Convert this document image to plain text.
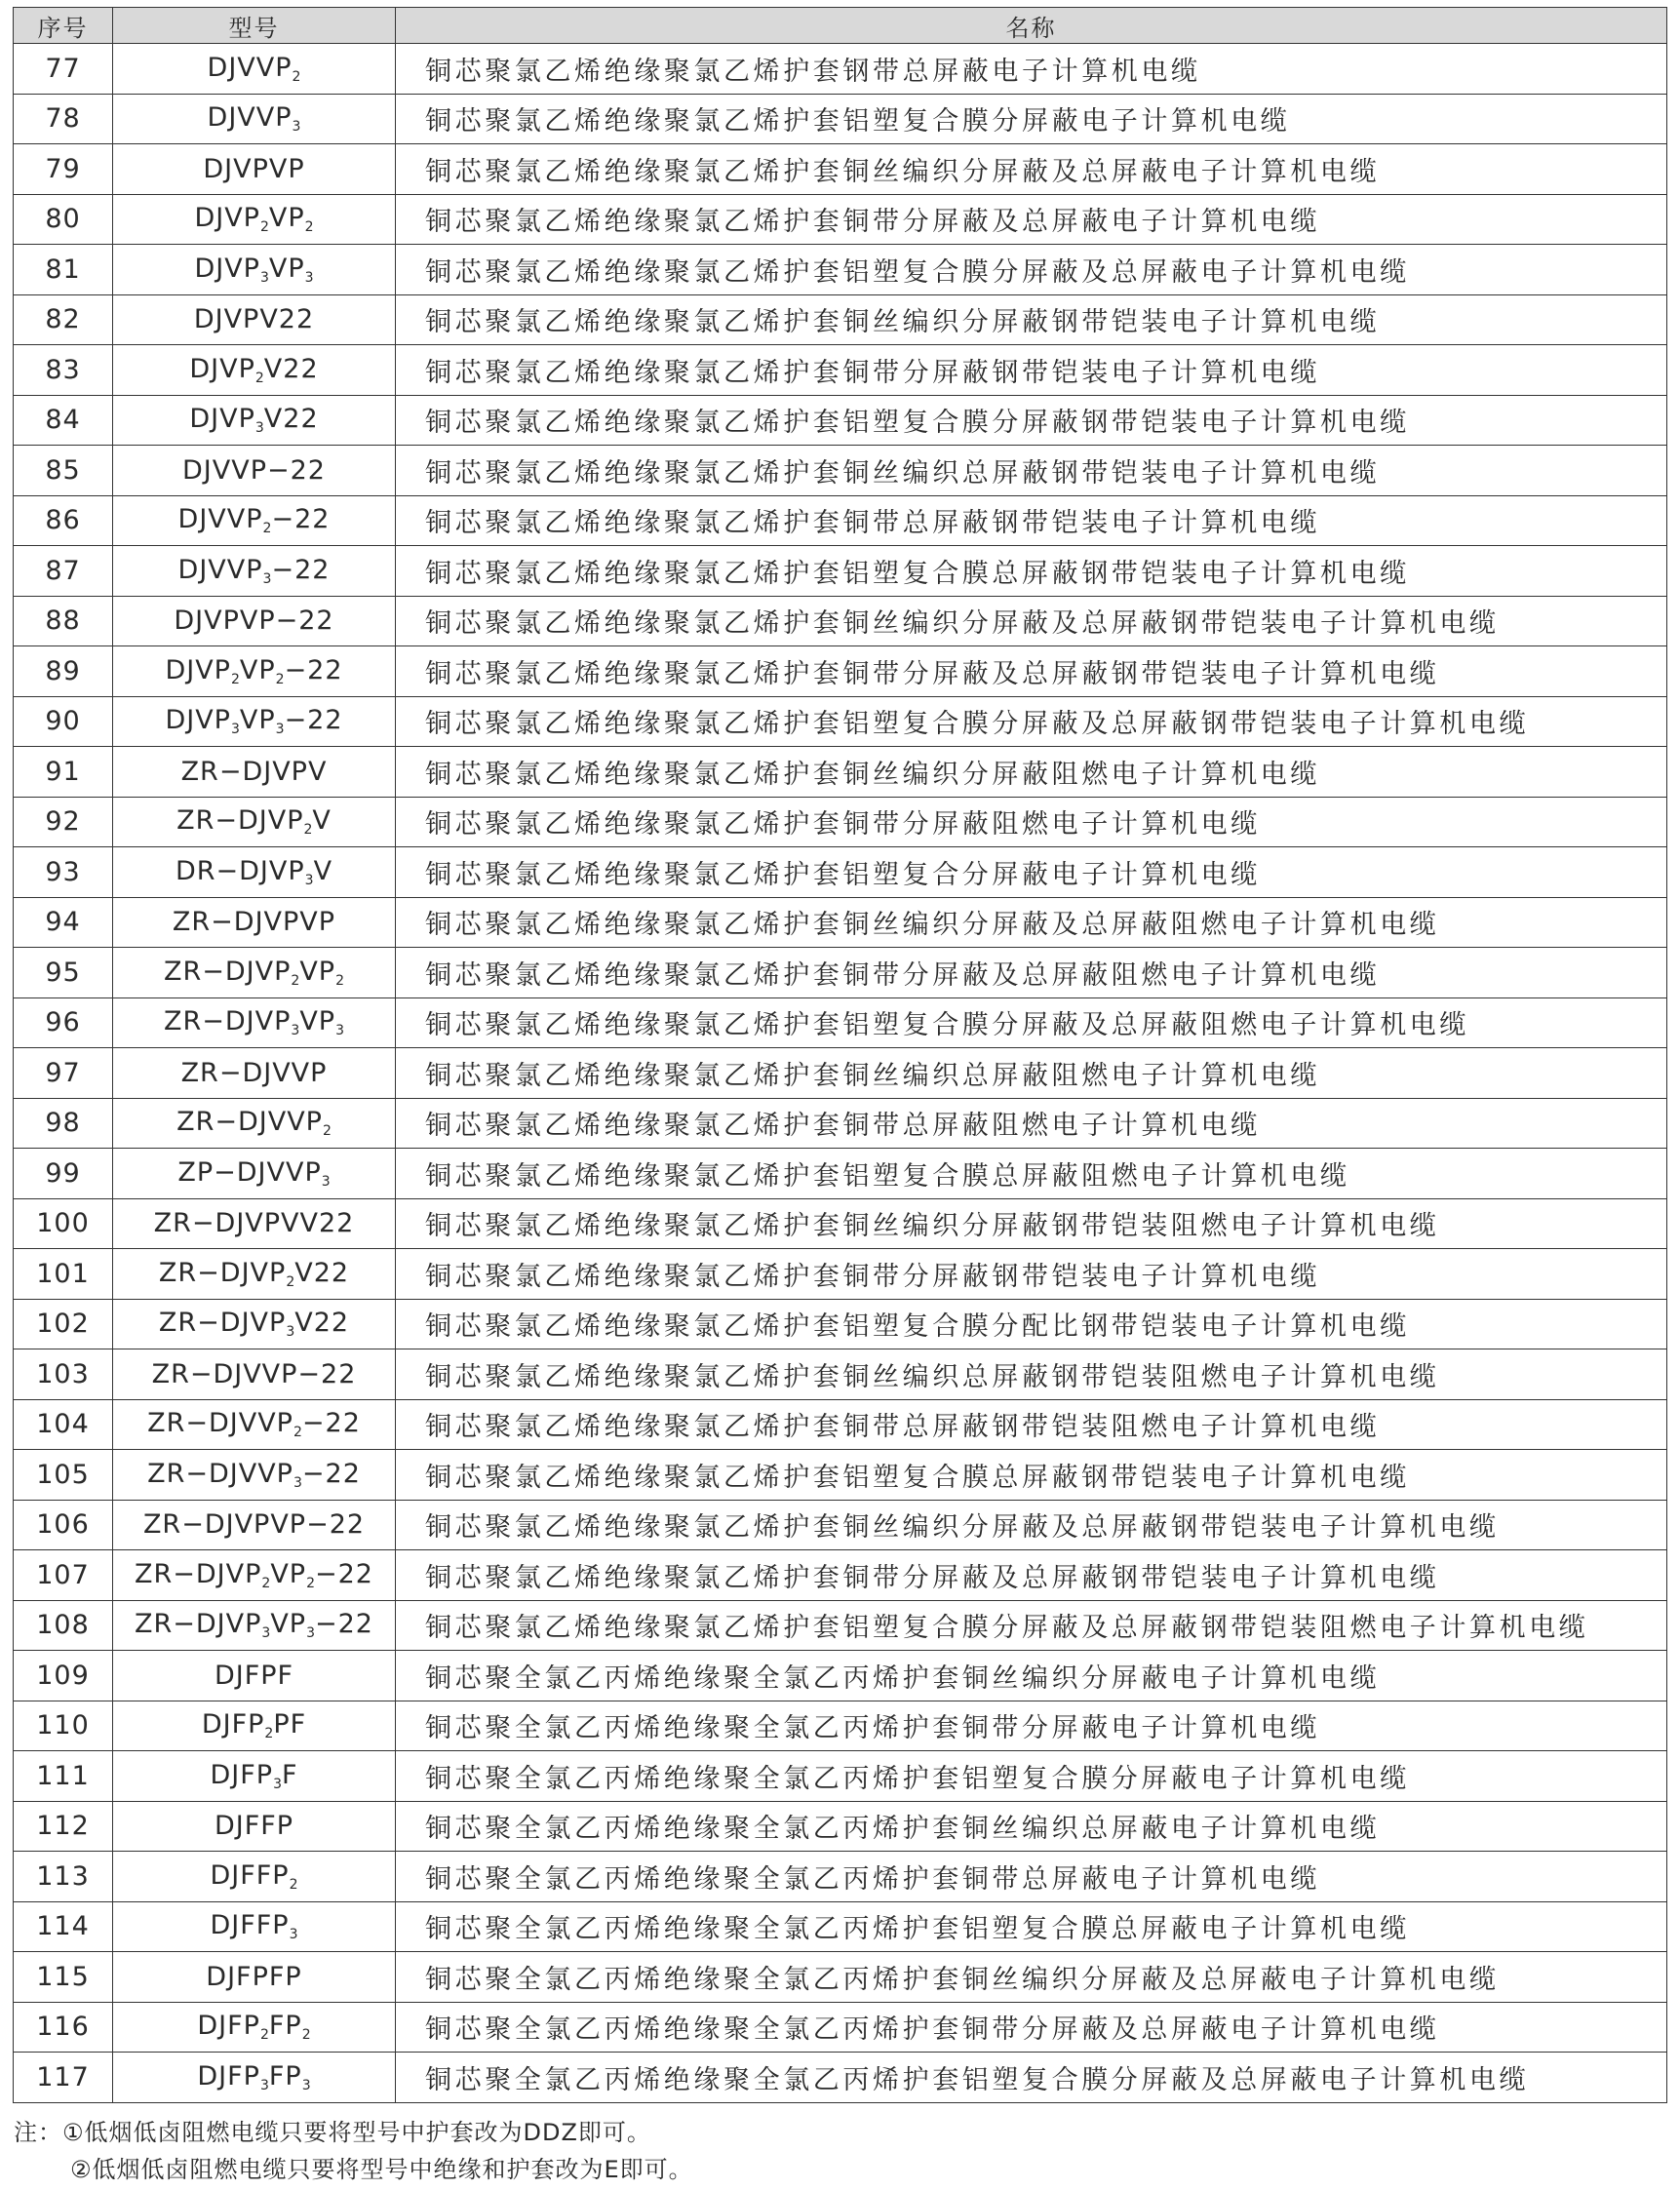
序号	型号	名称
77	$DJVVP_2$	铜芯聚氯乙烯绝缘聚氯乙烯护套钢带总屏蔽电子计算机电缆
78	$DJVVP_3$	铜芯聚氯乙烯绝缘聚氯乙烯护套铝塑复合膜分屏蔽电子计算机电缆
79	DJVPVP	铜芯聚氯乙烯绝缘聚氯乙烯护套铜丝编织分屏蔽及总屏蔽电子计算机电缆
80	$DJVP_2VP_2$	铜芯聚氯乙烯绝缘聚氯乙烯护套铜带分屏蔽及总屏蔽电子计算机电缆
81	$DJVP_3VP_3$	铜芯聚氯乙烯绝缘聚氯乙烯护套铝塑复合膜分屏蔽及总屏蔽电子计算机电缆
82	DJVPV22	铜芯聚氯乙烯绝缘聚氯乙烯护套铜丝编织分屏蔽钢带铠装电子计算机电缆
83	$DJVP_2V22$	铜芯聚氯乙烯绝缘聚氯乙烯护套铜带分屏蔽钢带铠装电子计算机电缆
84	$DJVP_3V22$	铜芯聚氯乙烯绝缘聚氯乙烯护套铝塑复合膜分屏蔽钢带铠装电子计算机电缆
85	DJVVP−22	铜芯聚氯乙烯绝缘聚氯乙烯护套铜丝编织总屏蔽钢带铠装电子计算机电缆
86	$DJVVP_2-22$	铜芯聚氯乙烯绝缘聚氯乙烯护套铜带总屏蔽钢带铠装电子计算机电缆
87	$DJVVP_3-22$	铜芯聚氯乙烯绝缘聚氯乙烯护套铝塑复合膜总屏蔽钢带铠装电子计算机电缆
88	DJVPVP−22	铜芯聚氯乙烯绝缘聚氯乙烯护套铜丝编织分屏蔽及总屏蔽钢带铠装电子计算机电缆
89	$DJVP_2VP_2-22$	铜芯聚氯乙烯绝缘聚氯乙烯护套铜带分屏蔽及总屏蔽钢带铠装电子计算机电缆
90	$DJVP_3VP_3-22$	铜芯聚氯乙烯绝缘聚氯乙烯护套铝塑复合膜分屏蔽及总屏蔽钢带铠装电子计算机电缆
91	ZR−DJVPV	铜芯聚氯乙烯绝缘聚氯乙烯护套铜丝编织分屏蔽阻燃电子计算机电缆
92	$ZR-DJVP_2V$	铜芯聚氯乙烯绝缘聚氯乙烯护套铜带分屏蔽阻燃电子计算机电缆
93	$DR-DJVP_3V$	铜芯聚氯乙烯绝缘聚氯乙烯护套铝塑复合分屏蔽电子计算机电缆
94	ZR−DJVPVP	铜芯聚氯乙烯绝缘聚氯乙烯护套铜丝编织分屏蔽及总屏蔽阻燃电子计算机电缆
95	$ZR-DJVP_2VP_2$	铜芯聚氯乙烯绝缘聚氯乙烯护套铜带分屏蔽及总屏蔽阻燃电子计算机电缆
96	$ZR-DJVP_3VP_3$	铜芯聚氯乙烯绝缘聚氯乙烯护套铝塑复合膜分屏蔽及总屏蔽阻燃电子计算机电缆
97	ZR−DJVVP	铜芯聚氯乙烯绝缘聚氯乙烯护套铜丝编织总屏蔽阻燃电子计算机电缆
98	$ZR-DJVVP_2$	铜芯聚氯乙烯绝缘聚氯乙烯护套铜带总屏蔽阻燃电子计算机电缆
99	$ZP-DJVVP_3$	铜芯聚氯乙烯绝缘聚氯乙烯护套铝塑复合膜总屏蔽阻燃电子计算机电缆
100	ZR−DJVPVV22	铜芯聚氯乙烯绝缘聚氯乙烯护套铜丝编织分屏蔽钢带铠装阻燃电子计算机电缆
101	$ZR-DJVP_2V22$	铜芯聚氯乙烯绝缘聚氯乙烯护套铜带分屏蔽钢带铠装电子计算机电缆
102	$ZR-DJVP_3V22$	铜芯聚氯乙烯绝缘聚氯乙烯护套铝塑复合膜分配比钢带铠装电子计算机电缆
103	ZR−DJVVP−22	铜芯聚氯乙烯绝缘聚氯乙烯护套铜丝编织总屏蔽钢带铠装阻燃电子计算机电缆
104	$ZR-DJVVP_2-22$	铜芯聚氯乙烯绝缘聚氯乙烯护套铜带总屏蔽钢带铠装阻燃电子计算机电缆
105	$ZR-DJVVP_3-22$	铜芯聚氯乙烯绝缘聚氯乙烯护套铝塑复合膜总屏蔽钢带铠装电子计算机电缆
106	ZR−DJVPVP−22	铜芯聚氯乙烯绝缘聚氯乙烯护套铜丝编织分屏蔽及总屏蔽钢带铠装电子计算机电缆
107	$ZR-DJVP_2VP_2-22$	铜芯聚氯乙烯绝缘聚氯乙烯护套铜带分屏蔽及总屏蔽钢带铠装电子计算机电缆
108	$ZR-DJVP_3VP_3-22$	铜芯聚氯乙烯绝缘聚氯乙烯护套铝塑复合膜分屏蔽及总屏蔽钢带铠装阻燃电子计算机电缆
109	DJFPF	铜芯聚全氯乙丙烯绝缘聚全氯乙丙烯护套铜丝编织分屏蔽电子计算机电缆
110	$DJFP_2PF$	铜芯聚全氯乙丙烯绝缘聚全氯乙丙烯护套铜带分屏蔽电子计算机电缆
111	$DJFP_3F$	铜芯聚全氯乙丙烯绝缘聚全氯乙丙烯护套铝塑复合膜分屏蔽电子计算机电缆
112	DJFFP	铜芯聚全氯乙丙烯绝缘聚全氯乙丙烯护套铜丝编织总屏蔽电子计算机电缆
113	$DJFFP_2$	铜芯聚全氯乙丙烯绝缘聚全氯乙丙烯护套铜带总屏蔽电子计算机电缆
114	$DJFFP_3$	铜芯聚全氯乙丙烯绝缘聚全氯乙丙烯护套铝塑复合膜总屏蔽电子计算机电缆
115	DJFPFP	铜芯聚全氯乙丙烯绝缘聚全氯乙丙烯护套铜丝编织分屏蔽及总屏蔽电子计算机电缆
116	$DJFP_2FP_2$	铜芯聚全氯乙丙烯绝缘聚全氯乙丙烯护套铜带分屏蔽及总屏蔽电子计算机电缆
117	$DJFP_3FP_3$	铜芯聚全氯乙丙烯绝缘聚全氯乙丙烯护套铝塑复合膜分屏蔽及总屏蔽电子计算机电缆
注：①低烟低卤阻燃电缆只要将型号中护套改为DDZ即可。
②低烟低卤阻燃电缆只要将型号中绝缘和护套改为E即可。
